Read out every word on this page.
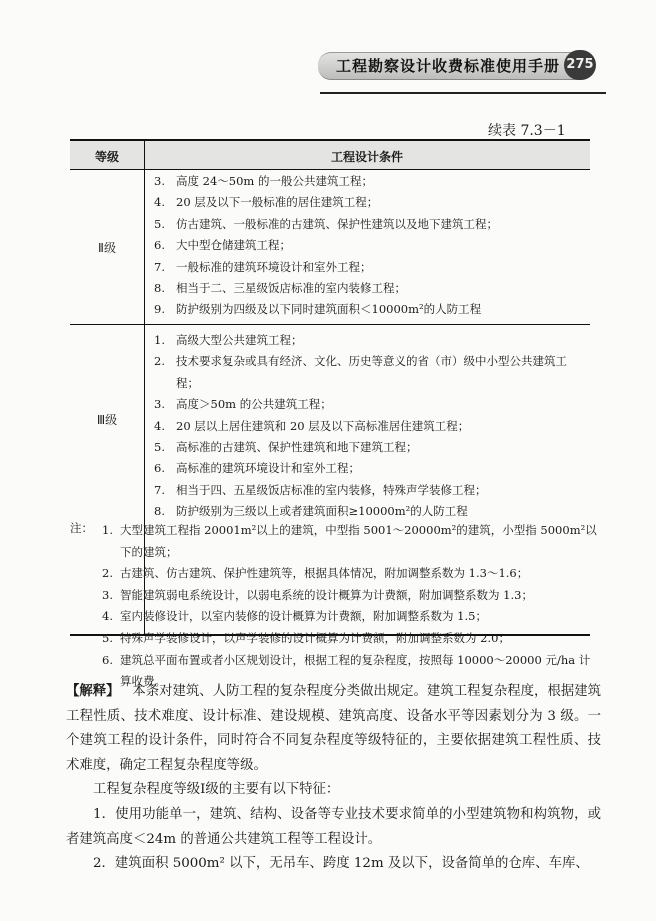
工程勘察设计收费标准使用手册 275
续表 7.3－1
等级	工程设计条件
Ⅱ级
3. 高度 24～50m 的一般公共建筑工程；
4. 20 层及以下一般标准的居住建筑工程；
5. 仿古建筑、一般标准的古建筑、保护性建筑以及地下建筑工程；
6. 大中型仓储建筑工程；
7. 一般标准的建筑环境设计和室外工程；
8. 相当于二、三星级饭店标准的室内装修工程；
9. 防护级别为四级及以下同时建筑面积＜10000m²的人防工程
Ⅲ级
1. 高级大型公共建筑工程；
2. 技术要求复杂或具有经济、文化、历史等意义的省（市）级中小型公共建筑工程；
3. 高度＞50m 的公共建筑工程；
4. 20 层以上居住建筑和 20 层及以下高标准居住建筑工程；
5. 高标准的古建筑、保护性建筑和地下建筑工程；
6. 高标准的建筑环境设计和室外工程；
7. 相当于四、五星级饭店标准的室内装修，特殊声学装修工程；
8. 防护级别为三级以上或者建筑面积≥10000m²的人防工程
注： 1. 大型建筑工程指 20001m²以上的建筑，中型指 5001～20000m²的建筑，小型指 5000m²以下的建筑；
2. 古建筑、仿古建筑、保护性建筑等，根据具体情况，附加调整系数为 1.3～1.6；
3. 智能建筑弱电系统设计，以弱电系统的设计概算为计费额，附加调整系数为 1.3；
4. 室内装修设计，以室内装修的设计概算为计费额，附加调整系数为 1.5；
5. 特殊声学装修设计，以声学装修的设计概算为计费额，附加调整系数为 2.0；
6. 建筑总平面布置或者小区规划设计，根据工程的复杂程度，按照每 10000～20000 元/ha 计算收费。

【解释】 本条对建筑、人防工程的复杂程度分类做出规定。建筑工程复杂程度，根据建筑工程性质、技术难度、设计标准、建设规模、建筑高度、设备水平等因素划分为 3 级。一个建筑工程的设计条件，同时符合不同复杂程度等级特征的，主要依据建筑工程性质、技术难度，确定工程复杂程度等级。

工程复杂程度等级Ⅰ级的主要有以下特征：

1．使用功能单一，建筑、结构、设备等专业技术要求简单的小型建筑物和构筑物，或者建筑高度＜24m 的普通公共建筑工程等工程设计。

2．建筑面积 5000m² 以下，无吊车、跨度 12m 及以下，设备简单的仓库、车库、
